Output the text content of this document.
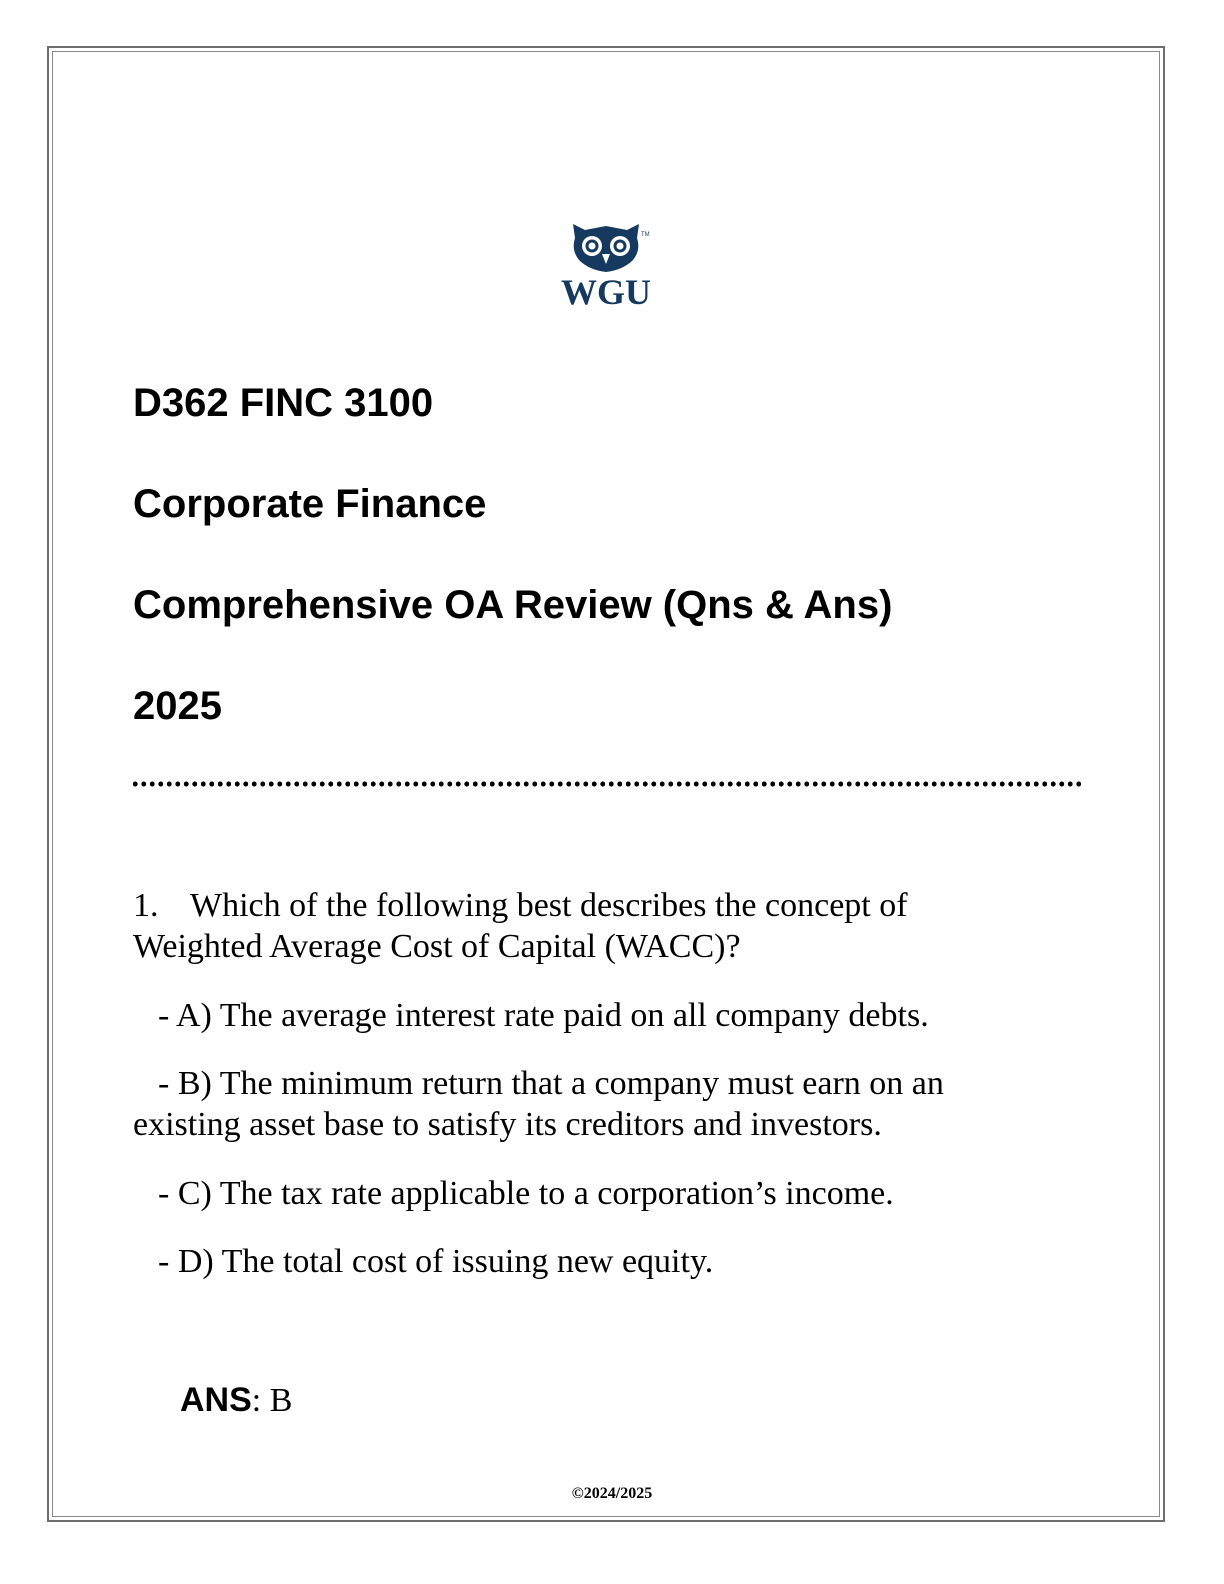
TM
WGU
D362 FINC 3100
Corporate Finance
Comprehensive OA Review (Qns & Ans)
2025
1. Which of the following best describes the concept of
Weighted Average Cost of Capital (WACC)?
- A) The average interest rate paid on all company debts.
- B) The minimum return that a company must earn on an
existing asset base to satisfy its creditors and investors.
- C) The tax rate applicable to a corporation’s income.
- D) The total cost of issuing new equity.
ANS: B
©2024/2025
